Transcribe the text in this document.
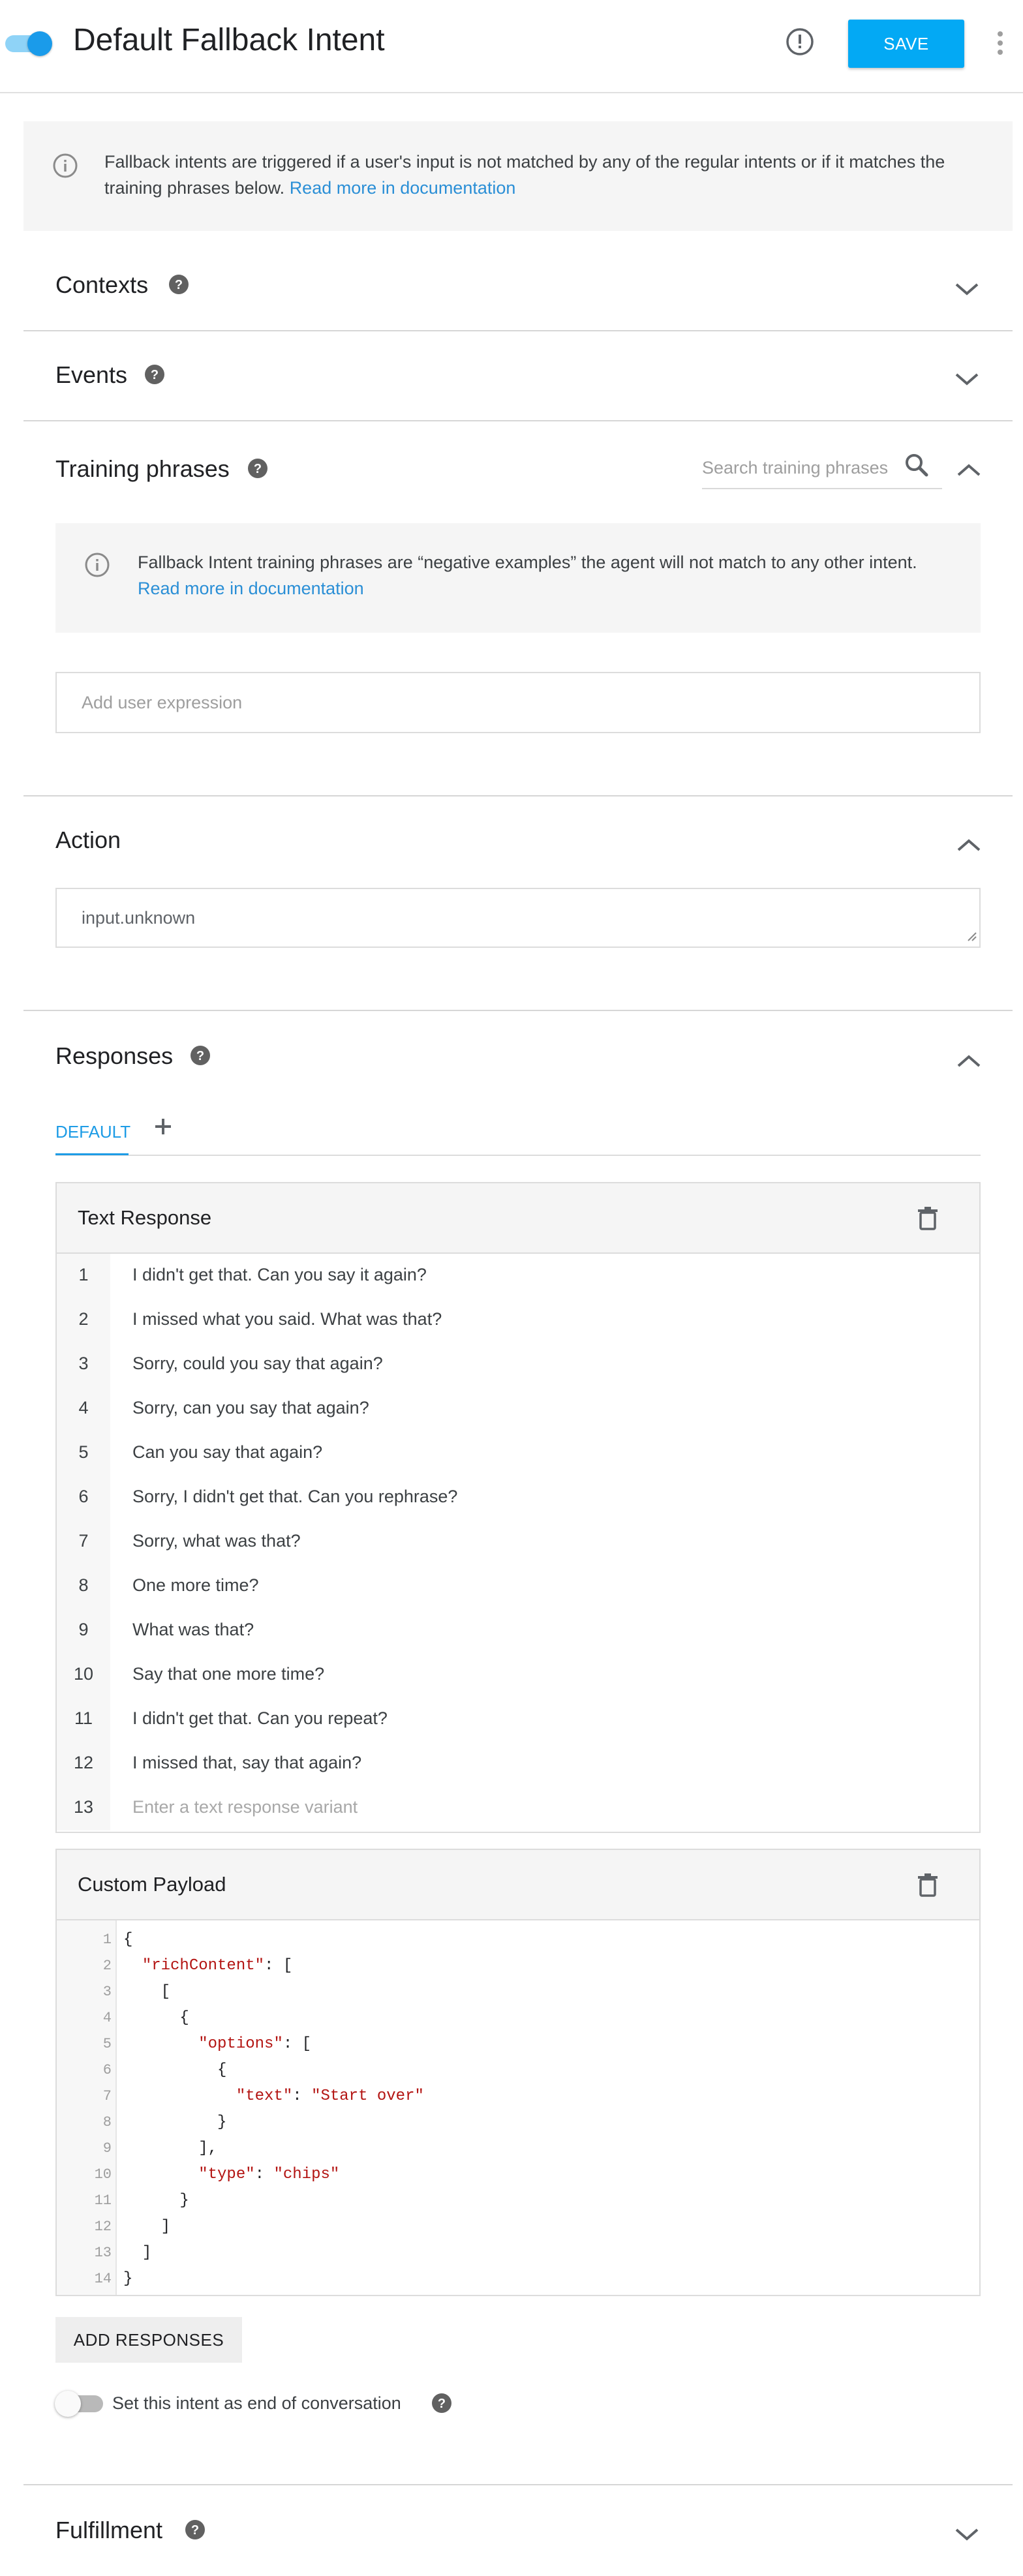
Default Fallback Intent	SAVE
Fallback intents are triggered if a user's input is not matched by any of the regular intents or if it matches the training phrases below. Read more in documentation
Contexts ?
Events ?
Training phrases ?
Search training phrases
Fallback Intent training phrases are “negative examples” the agent will not match to any other intent.
Read more in documentation
Add user expression
Action
input.unknown
Responses ?
DEFAULT
Text Response
1	I didn't get that. Can you say it again?
2	I missed what you said. What was that?
3	Sorry, could you say that again?
4	Sorry, can you say that again?
5	Can you say that again?
6	Sorry, I didn't get that. Can you rephrase?
7	Sorry, what was that?
8	One more time?
9	What was that?
10	Say that one more time?
11	I didn't get that. Can you repeat?
12	I missed that, say that again?
13	Enter a text response variant
Custom Payload
1 {
2	"richContent": [
3	[
4	{
5	"options": [
6	{
7	"text": "Start over"
8	}
9	],
10	"type": "chips"
11	}
12	]
13	]
14 }
ADD RESPONSES
Set this intent as end of conversation	?
Fulfillment ?
